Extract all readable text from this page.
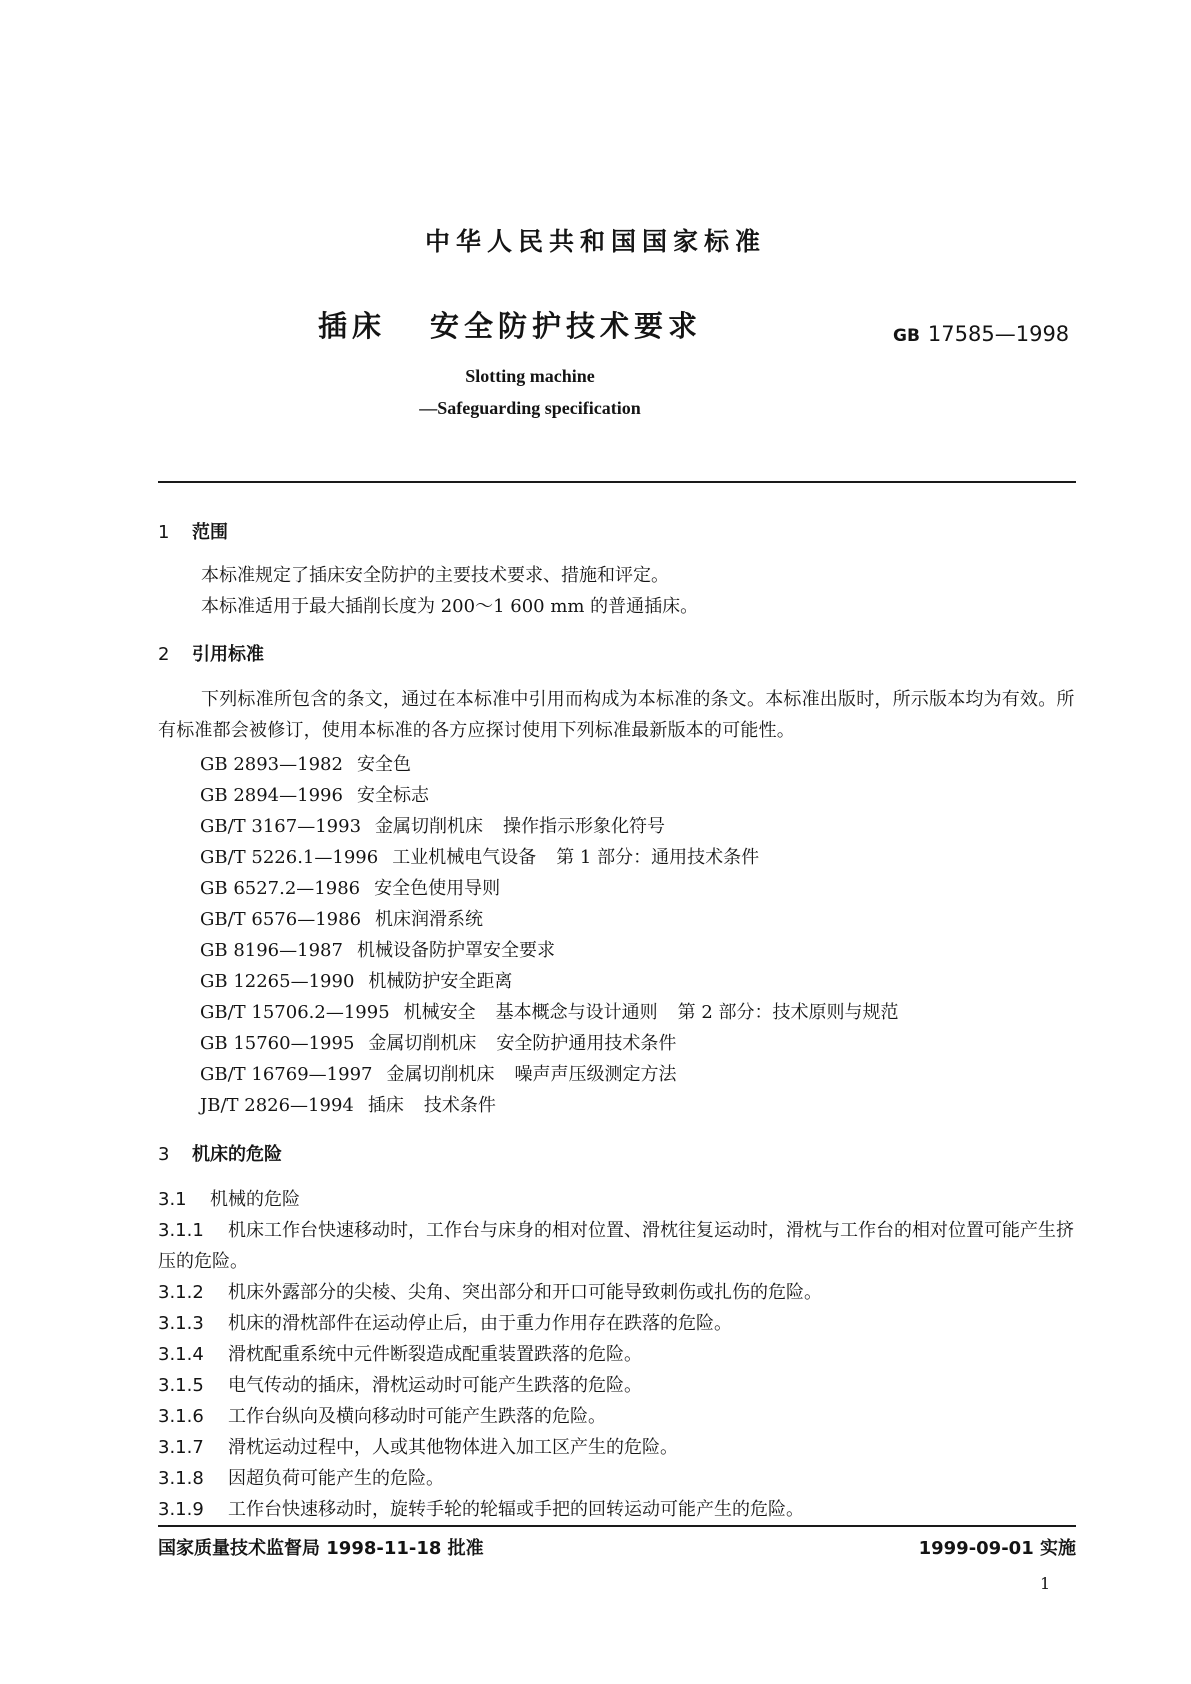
中华人民共和国国家标准
插床 安全防护技术要求	GB 17585—1998
Slotting machine
—Safeguarding specification
1 范围
本标准规定了插床安全防护的主要技术要求、措施和评定。
本标准适用于最大插削长度为 200～1 600 mm 的普通插床。
2 引用标准
下列标准所包含的条文，通过在本标准中引用而构成为本标准的条文。本标准出版时，所示版本均为有效。所有标准都会被修订，使用本标准的各方应探讨使用下列标准最新版本的可能性。
GB 2893—1982 安全色
GB 2894—1996 安全标志
GB/T 3167—1993 金属切削机床 操作指示形象化符号
GB/T 5226.1—1996 工业机械电气设备 第 1 部分：通用技术条件
GB 6527.2—1986 安全色使用导则
GB/T 6576—1986 机床润滑系统
GB 8196—1987 机械设备防护罩安全要求
GB 12265—1990 机械防护安全距离
GB/T 15706.2—1995 机械安全 基本概念与设计通则 第 2 部分：技术原则与规范
GB 15760—1995 金属切削机床 安全防护通用技术条件
GB/T 16769—1997 金属切削机床 噪声声压级测定方法
JB/T 2826—1994 插床 技术条件
3 机床的危险
3.1 机械的危险
3.1.1 机床工作台快速移动时，工作台与床身的相对位置、滑枕往复运动时，滑枕与工作台的相对位置可能产生挤压的危险。
3.1.2 机床外露部分的尖棱、尖角、突出部分和开口可能导致刺伤或扎伤的危险。
3.1.3 机床的滑枕部件在运动停止后，由于重力作用存在跌落的危险。
3.1.4 滑枕配重系统中元件断裂造成配重装置跌落的危险。
3.1.5 电气传动的插床，滑枕运动时可能产生跌落的危险。
3.1.6 工作台纵向及横向移动时可能产生跌落的危险。
3.1.7 滑枕运动过程中，人或其他物体进入加工区产生的危险。
3.1.8 因超负荷可能产生的危险。
3.1.9 工作台快速移动时，旋转手轮的轮辐或手把的回转运动可能产生的危险。
国家质量技术监督局 1998-11-18 批准	1999-09-01 实施
1
